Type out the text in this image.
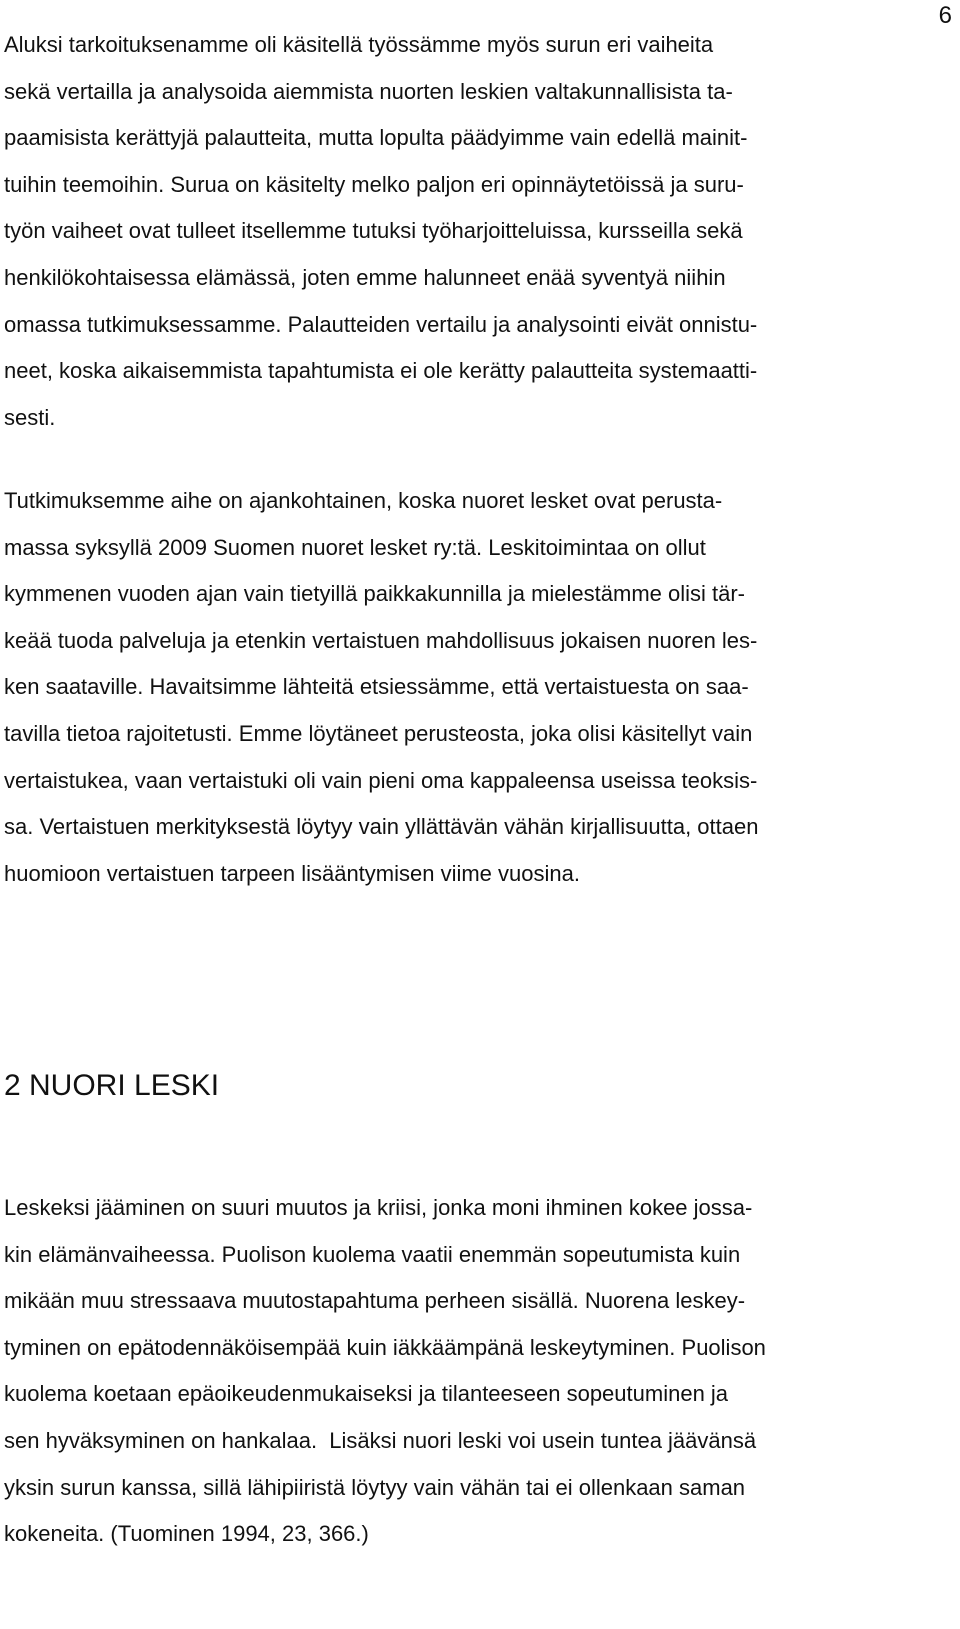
6

Aluksi tarkoituksenamme oli käsitellä työssämme myös surun eri vaiheita
sekä vertailla ja analysoida aiemmista nuorten leskien valtakunnallisista ta-
paamisista kerättyjä palautteita, mutta lopulta päädyimme vain edellä mainit-
tuihin teemoihin. Surua on käsitelty melko paljon eri opinnäytetöissä ja suru-
työn vaiheet ovat tulleet itsellemme tutuksi työharjoitteluissa, kursseilla sekä
henkilökohtaisessa elämässä, joten emme halunneet enää syventyä niihin
omassa tutkimuksessamme. Palautteiden vertailu ja analysointi eivät onnistu-
neet, koska aikaisemmista tapahtumista ei ole kerätty palautteita systemaatti-
sesti.

Tutkimuksemme aihe on ajankohtainen, koska nuoret lesket ovat perusta-
massa syksyllä 2009 Suomen nuoret lesket ry:tä. Leskitoimintaa on ollut
kymmenen vuoden ajan vain tietyillä paikkakunnilla ja mielestämme olisi tär-
keää tuoda palveluja ja etenkin vertaistuen mahdollisuus jokaisen nuoren les-
ken saataville. Havaitsimme lähteitä etsiessämme, että vertaistuesta on saa-
tavilla tietoa rajoitetusti. Emme löytäneet perusteosta, joka olisi käsitellyt vain
vertaistukea, vaan vertaistuki oli vain pieni oma kappaleensa useissa teoksis-
sa. Vertaistuen merkityksestä löytyy vain yllättävän vähän kirjallisuutta, ottaen
huomioon vertaistuen tarpeen lisääntymisen viime vuosina.

2 NUORI LESKI

Leskeksi jääminen on suuri muutos ja kriisi, jonka moni ihminen kokee jossa-
kin elämänvaiheessa. Puolison kuolema vaatii enemmän sopeutumista kuin
mikään muu stressaava muutostapahtuma perheen sisällä. Nuorena leskey-
tyminen on epätodennäköisempää kuin iäkkäämpänä leskeytyminen. Puolison
kuolema koetaan epäoikeudenmukaiseksi ja tilanteeseen sopeutuminen ja
sen hyväksyminen on hankalaa.  Lisäksi nuori leski voi usein tuntea jäävänsä
yksin surun kanssa, sillä lähipiiristä löytyy vain vähän tai ei ollenkaan saman
kokeneita. (Tuominen 1994, 23, 366.)
